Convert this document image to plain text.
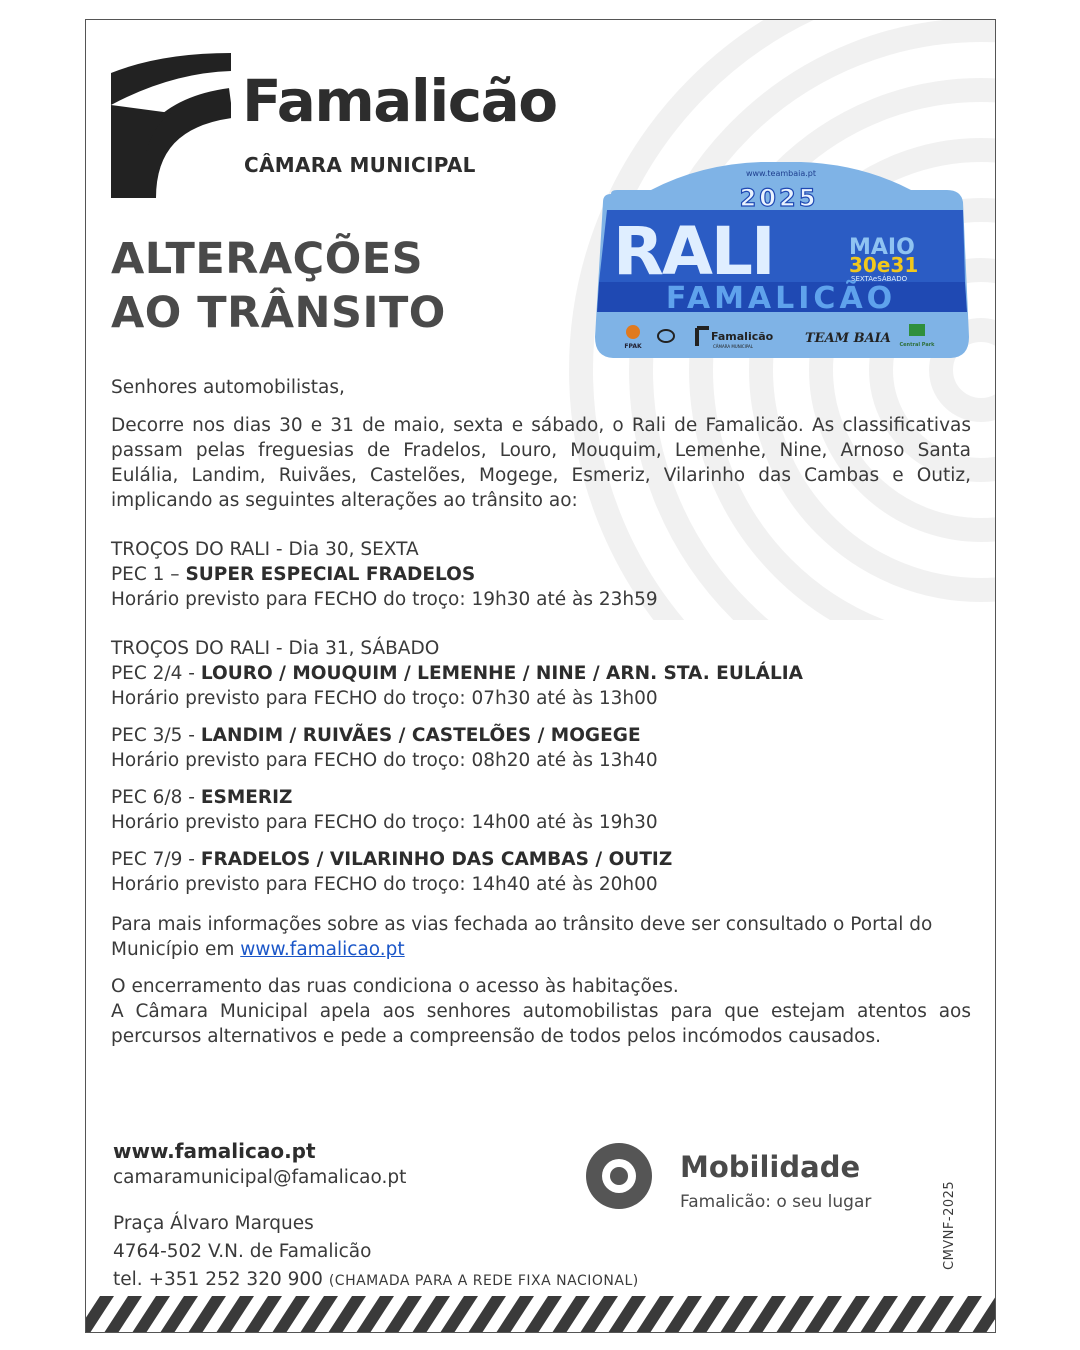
Famalicão
CÂMARA MUNICIPAL
ALTERAÇÕES
AO TRÂNSITO
www.teambaia.pt
2025
RALI	MAIO
30e31
SEXTAeSÁBADO
FAMALICÃO
FPAK
Famalicão
CÂMARA MUNICIPAL
TEAM BAIA Central Park
Senhores automobilistas,
Decorre nos dias 30 e 31 de maio, sexta e sábado, o Rali de Famalicão. As classificativas passam pelas freguesias de Fradelos, Louro, Mouquim, Lemenhe, Nine, Arnoso Santa Eulália, Landim, Ruivães, Castelões, Mogege, Esmeriz, Vilarinho das Cambas e Outiz, implicando as seguintes alterações ao trânsito ao:
TROÇOS DO RALI - Dia 30, SEXTA
PEC 1 – SUPER ESPECIAL FRADELOS
Horário previsto para FECHO do troço: 19h30 até às 23h59
TROÇOS DO RALI - Dia 31, SÁBADO
PEC 2/4 - LOURO / MOUQUIM / LEMENHE / NINE / ARN. STA. EULÁLIA
Horário previsto para FECHO do troço: 07h30 até às 13h00
PEC 3/5 - LANDIM / RUIVÃES / CASTELÕES / MOGEGE
Horário previsto para FECHO do troço: 08h20 até às 13h40
PEC 6/8 - ESMERIZ
Horário previsto para FECHO do troço: 14h00 até às 19h30
PEC 7/9 - FRADELOS / VILARINHO DAS CAMBAS / OUTIZ
Horário previsto para FECHO do troço: 14h40 até às 20h00
Para mais informações sobre as vias fechada ao trânsito deve ser consultado o Portal do Município em www.famalicao.pt
O encerramento das ruas condiciona o acesso às habitações.
A Câmara Municipal apela aos senhores automobilistas para que estejam atentos aos percursos alternativos e pede a compreensão de todos pelos incómodos causados.
www.famalicao.pt
camaramunicipal@famalicao.pt
Praça Álvaro Marques
4764-502 V.N. de Famalicão
tel. +351 252 320 900 (CHAMADA PARA A REDE FIXA NACIONAL)
Mobilidade
Famalicão: o seu lugar	CMVNF-2025
